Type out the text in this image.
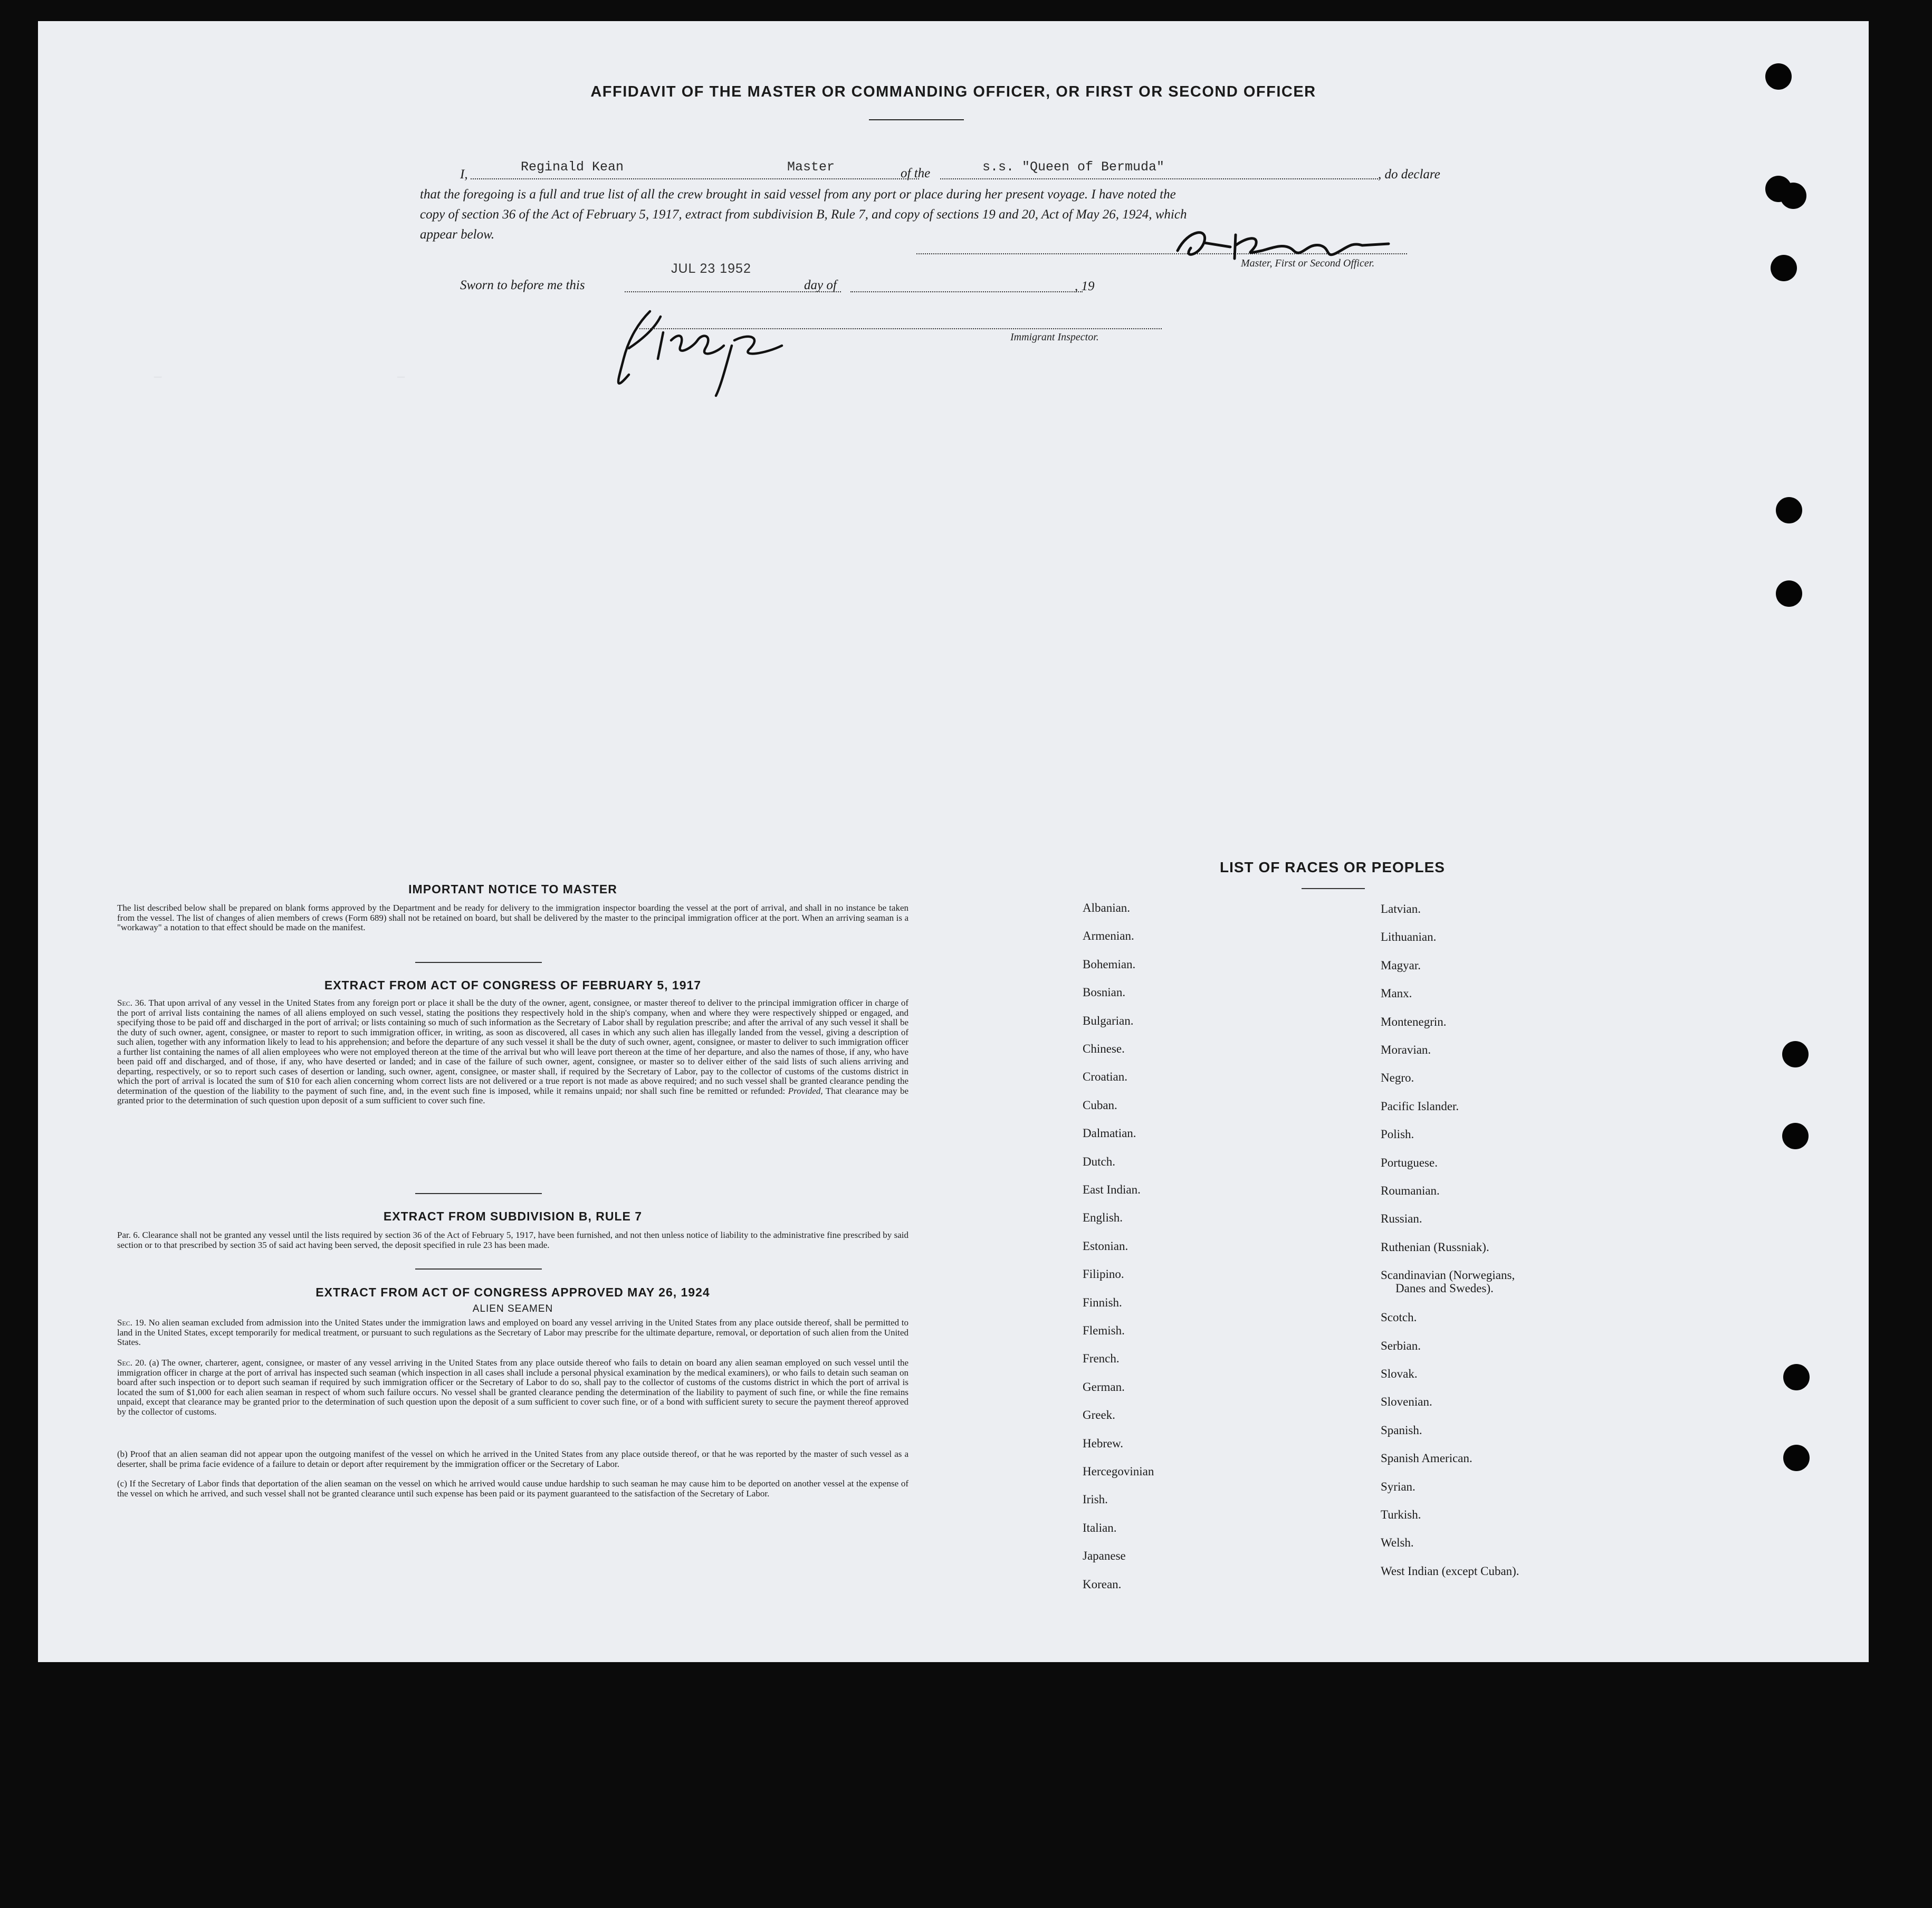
—                               —
AFFIDAVIT OF THE MASTER OR COMMANDING OFFICER, OR FIRST OR SECOND OFFICER
I,	Reginald Kean	Master	of the	s.s. "Queen of Bermuda"	, do declare
that the foregoing is a full and true list of all the crew brought in said vessel from any port or place during her present voyage. I have noted the
copy of section 36 of the Act of February 5, 1917, extract from subdivision B, Rule 7, and copy of sections 19 and 20, Act of May 26, 1924, which
appear below.
Master, First or Second Officer.
Sworn to before me this
JUL 23 1952
day of	, 19
Immigrant Inspector.
IMPORTANT NOTICE TO MASTER

The list described below shall be prepared on blank forms approved by the Department and be ready for delivery to the immigration inspector boarding the vessel at the port of arrival, and shall in no instance be taken from the vessel. The list of changes of alien members of crews (Form 689) shall not be retained on board, but shall be delivered by the master to the principal immigration officer at the port. When an arriving seaman is a "workaway" a notation to that effect should be made on the manifest.

EXTRACT FROM ACT OF CONGRESS OF FEBRUARY 5, 1917

Sec. 36. That upon arrival of any vessel in the United States from any foreign port or place it shall be the duty of the owner, agent, consignee, or master thereof to deliver to the principal immigration officer in charge of the port of arrival lists containing the names of all aliens employed on such vessel, stating the positions they respectively hold in the ship's company, when and where they were respectively shipped or engaged, and specifying those to be paid off and discharged in the port of arrival; or lists containing so much of such information as the Secretary of Labor shall by regulation prescribe; and after the arrival of any such vessel it shall be the duty of such owner, agent, consignee, or master to report to such immigration officer, in writing, as soon as discovered, all cases in which any such alien has illegally landed from the vessel, giving a description of such alien, together with any information likely to lead to his apprehension; and before the departure of any such vessel it shall be the duty of such owner, agent, consignee, or master to deliver to such immigration officer a further list containing the names of all alien employees who were not employed thereon at the time of the arrival but who will leave port thereon at the time of her departure, and also the names of those, if any, who have been paid off and discharged, and of those, if any, who have deserted or landed; and in case of the failure of such owner, agent, consignee, or master so to deliver either of the said lists of such aliens arriving and departing, respectively, or so to report such cases of desertion or landing, such owner, agent, consignee, or master shall, if required by the Secretary of Labor, pay to the collector of customs of the customs district in which the port of arrival is located the sum of $10 for each alien concerning whom correct lists are not delivered or a true report is not made as above required; and no such vessel shall be granted clearance pending the determination of the question of the liability to the payment of such fine, and, in the event such fine is imposed, while it remains unpaid; nor shall such fine be remitted or refunded: Provided, That clearance may be granted prior to the determination of such question upon deposit of a sum sufficient to cover such fine.

EXTRACT FROM SUBDIVISION B, RULE 7

Par. 6. Clearance shall not be granted any vessel until the lists required by section 36 of the Act of February 5, 1917, have been furnished, and not then unless notice of liability to the administrative fine prescribed by said section or to that prescribed by section 35 of said act having been served, the deposit specified in rule 23 has been made.

EXTRACT FROM ACT OF CONGRESS APPROVED MAY 26, 1924
ALIEN SEAMEN

Sec. 19. No alien seaman excluded from admission into the United States under the immigration laws and employed on board any vessel arriving in the United States from any place outside thereof, shall be permitted to land in the United States, except temporarily for medical treatment, or pursuant to such regulations as the Secretary of Labor may prescribe for the ultimate departure, removal, or deportation of such alien from the United States.

Sec. 20. (a) The owner, charterer, agent, consignee, or master of any vessel arriving in the United States from any place outside thereof who fails to detain on board any alien seaman employed on such vessel until the immigration officer in charge at the port of arrival has inspected such seaman (which inspection in all cases shall include a personal physical examination by the medical examiners), or who fails to detain such seaman on board after such inspection or to deport such seaman if required by such immigration officer or the Secretary of Labor to do so, shall pay to the collector of customs of the customs district in which the port of arrival is located the sum of $1,000 for each alien seaman in respect of whom such failure occurs. No vessel shall be granted clearance pending the determination of the liability to payment of such fine, or while the fine remains unpaid, except that clearance may be granted prior to the determination of such question upon the deposit of a sum sufficient to cover such fine, or of a bond with sufficient surety to secure the payment thereof approved by the collector of customs.

(b) Proof that an alien seaman did not appear upon the outgoing manifest of the vessel on which he arrived in the United States from any place outside thereof, or that he was reported by the master of such vessel as a deserter, shall be prima facie evidence of a failure to detain or deport after requirement by the immigration officer or the Secretary of Labor.

(c) If the Secretary of Labor finds that deportation of the alien seaman on the vessel on which he arrived would cause undue hardship to such seaman he may cause him to be deported on another vessel at the expense of the vessel on which he arrived, and such vessel shall not be granted clearance until such expense has been paid or its payment guaranteed to the satisfaction of the Secretary of Labor.

LIST OF RACES OR PEOPLES
Albanian.
Armenian.
Bohemian.
Bosnian.
Bulgarian.
Chinese.
Croatian.
Cuban.
Dalmatian.
Dutch.
East Indian.
English.
Estonian.
Filipino.
Finnish.
Flemish.
French.
German.
Greek.
Hebrew.
Hercegovinian
Irish.
Italian.
Japanese
Korean.
Latvian.
Lithuanian.
Magyar.
Manx.
Montenegrin.
Moravian.
Negro.
Pacific Islander.
Polish.
Portuguese.
Roumanian.
Russian.
Ruthenian (Russniak).
Scandinavian (Norwegians,
Danes and Swedes).
Scotch.
Serbian.
Slovak.
Slovenian.
Spanish.
Spanish American.
Syrian.
Turkish.
Welsh.
West Indian (except Cuban).
